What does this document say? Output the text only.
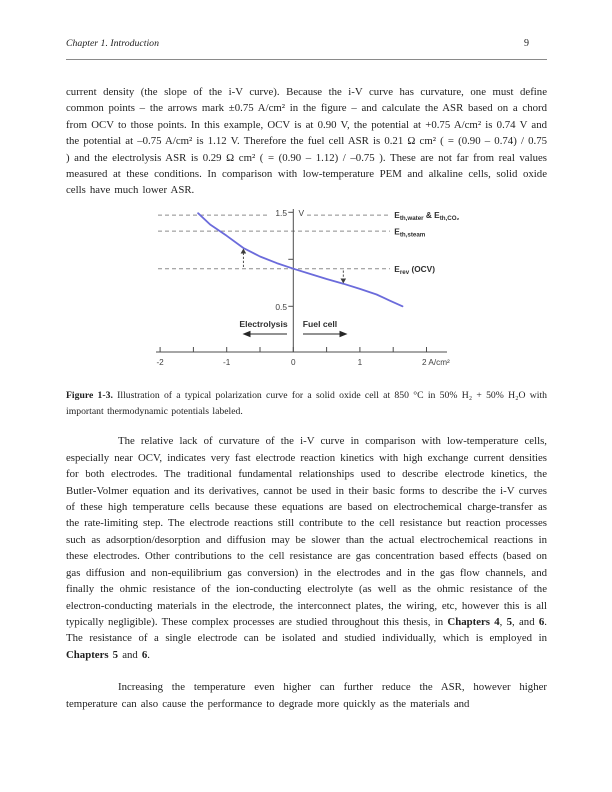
Chapter 1. Introduction	9

current density (the slope of the i-V curve). Because the i-V curve has curvature, one must define common points – the arrows mark ±0.75 A/cm² in the figure – and calculate the ASR based on a chord from OCV to those points. In this example, OCV is at 0.90 V, the potential at +0.75 A/cm² is 0.74 V and the potential at –0.75 A/cm² is 1.12 V. Therefore the fuel cell ASR is 0.21 Ω cm² ( = (0.90 – 0.74) / 0.75 ) and the electrolysis ASR is 0.29 Ω cm² ( = (0.90 – 1.12) / –0.75 ). These are not far from real values measured at these conditions. In comparison with low-temperature PEM and alkaline cells, solid oxide cells have much lower ASR.

1.5 V
0.5
-2	-1	0	1	2 A/cm²
$E_{th,water}$ & $E_{th,CO_2}$
$E_{th,steam}$
$E_{rev}$ (OCV)
Electrolysis Fuel cell

Figure 1-3. Illustration of a typical polarization curve for a solid oxide cell at 850 °C in 50% H₂ + 50% H₂O with important thermodynamic potentials labeled.

The relative lack of curvature of the i-V curve in comparison with low-temperature cells, especially near OCV, indicates very fast electrode reaction kinetics with high exchange current densities for both electrodes. The traditional fundamental relationships used to describe electrode kinetics, the Butler-Volmer equation and its derivatives, cannot be used in their basic forms to describe the i-V curves of these high temperature cells because these equations are based on electrochemical charge-transfer as the rate-limiting step. The electrode reactions still contribute to the cell resistance but reaction processes such as adsorption/desorption and diffusion may be slower than the actual electrochemical reactions in these electrodes. Other contributions to the cell resistance are gas concentration based effects (based on gas diffusion and non-equilibrium gas conversion) in the electrodes and in the gas flow channels, and finally the ohmic resistance of the ion-conducting electrolyte (as well as the ohmic resistance of the electron-conducting materials in the electrode, the interconnect plates, the wiring, etc, however this is all typically negligible). These complex processes are studied throughout this thesis, in Chapters 4, 5, and 6. The resistance of a single electrode can be isolated and studied individually, which is employed in Chapters 5 and 6.

Increasing the temperature even higher can further reduce the ASR, however higher temperature can also cause the performance to degrade more quickly as the materials and
